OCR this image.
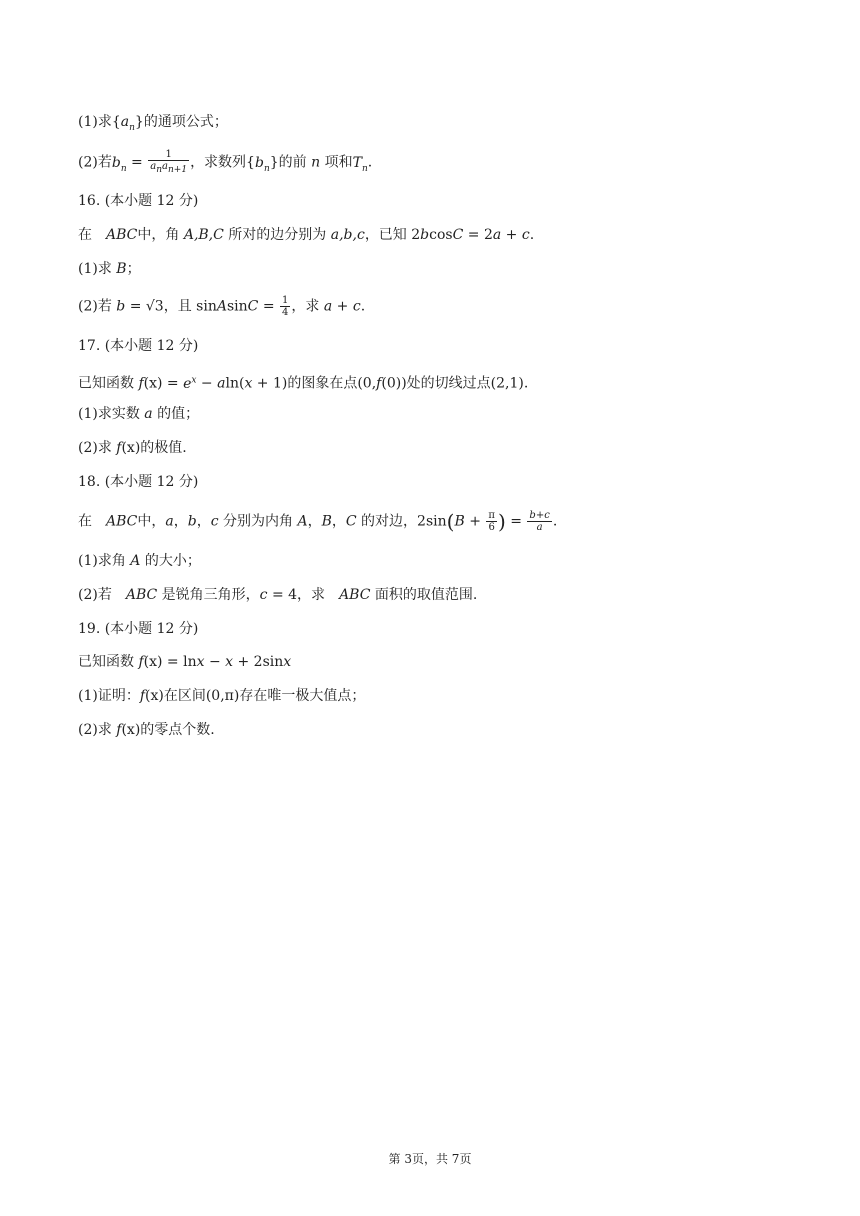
(1)求$\{a_n\}$的通项公式；
(2)若$b_n = \frac{1}{a_na_{n+1}}$ ，求数列$\{b_n\}$的前 n 项和$T_n$.
16. (本小题 12 分)
在 ABC中，角 A,B,C 所对的边分别为 a,b,c，已知 2bcosC = 2a + c.
(1)求 B；
(2)若 b = √3，且 sinAsinC = $\frac{1}{4}$ ，求 a + c.
17. (本小题 12 分)
已知函数 $f(x) = e^x - aln(x + 1)$的图象在点(0,f(0))处的切线过点(2,1).
(1)求实数 a 的值；
(2)求 f(x)的极值.
18. (本小题 12 分)
在 ABC中，a，b，c 分别为内角 A，B，C 的对边，$2\sin(B + \frac{\pi}{6}$ ) = $\frac{b+c}{a}$ .
(1)求角 A 的大小；
(2)若 ABC 是锐角三角形，c = 4，求 ABC 面积的取值范围.
19. (本小题 12 分)
已知函数 f(x) = lnx − x + 2sinx
(1)证明：f(x)在区间(0,π)存在唯一极大值点；
(2)求 f(x)的零点个数.
第 3页，共 7页
